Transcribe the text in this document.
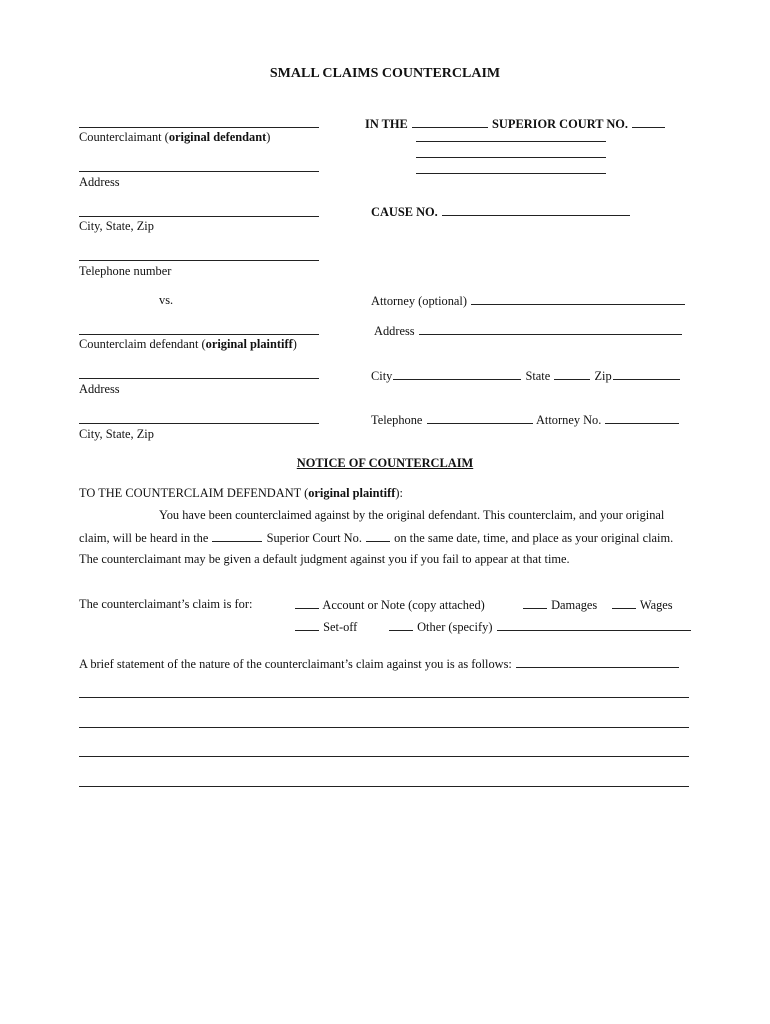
SMALL CLAIMS COUNTERCLAIM
Counterclaimant (original defendant)
Address
City, State, Zip
Telephone number
vs.
Counterclaim defendant (original plaintiff)
Address
City, State, Zip
IN THE	SUPERIOR COURT NO.
CAUSE NO.
Attorney (optional)
Address
City	State	Zip
Telephone	Attorney No.
NOTICE OF COUNTERCLAIM
TO THE COUNTERCLAIM DEFENDANT (original plaintiff):
You have been counterclaimed against by the original defendant. This counterclaim, and your original
claim, will be heard in the	Superior Court No.	on the same date, time, and place as your original claim.
The counterclaimant may be given a default judgment against you if you fail to appear at that time.
The counterclaimant’s claim is for:	Account or Note (copy attached)	Damages	Wages
Set-off	Other (specify)
A brief statement of the nature of the counterclaimant’s claim against you is as follows:
